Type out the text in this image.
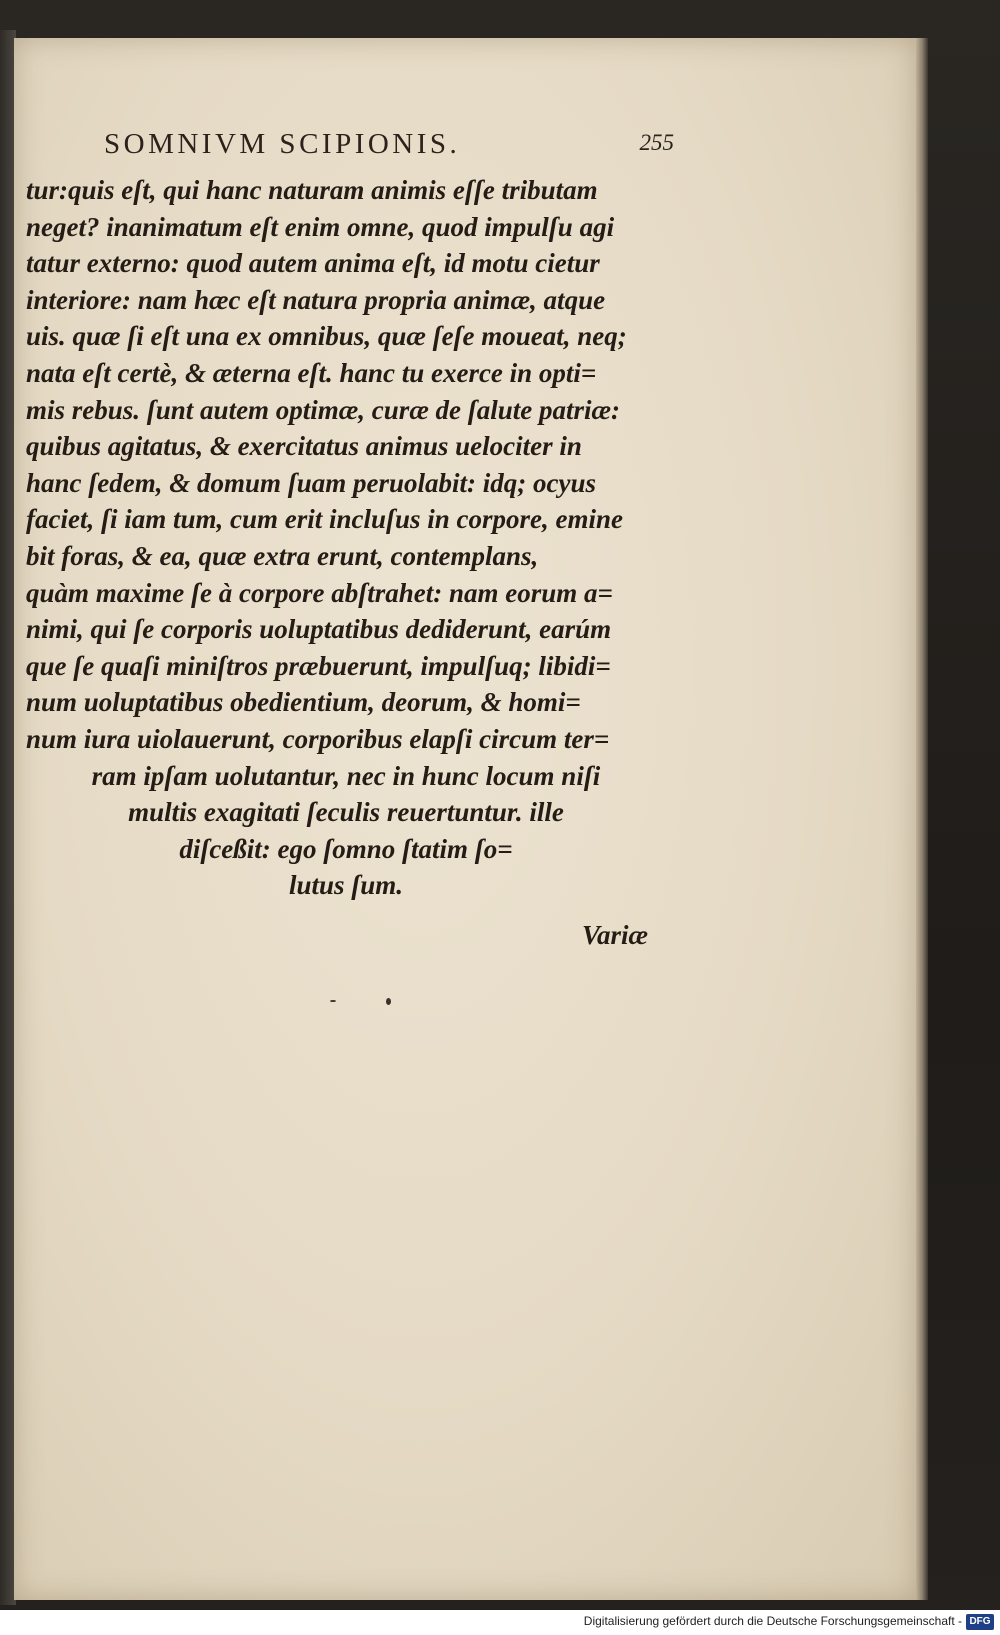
SOMNIVM SCIPIONIS.	255
tur:quis eſt, qui hanc naturam animis eſſe tributam
neget? inanimatum eſt enim omne, quod impulſu agi
tatur externo: quod autem anima eſt, id motu cietur
interiore: nam hæc eſt natura propria animæ, atque
uis. quæ ſi eſt una ex omnibus, quæ ſeſe moueat, neq;
nata eſt certè, & æterna eſt. hanc tu exerce in opti=
mis rebus. ſunt autem optimæ, curæ de ſalute patriæ:
quibus agitatus, & exercitatus animus uelociter in
hanc ſedem, & domum ſuam peruolabit: idq; ocyus
faciet, ſi iam tum, cum erit incluſus in corpore, emine
bit foras, & ea, quæ extra erunt, contemplans,
quàm maxime ſe à corpore abſtrahet: nam eorum a=
nimi, qui ſe corporis uoluptatibus dediderunt, earúm
que ſe quaſi miniſtros præbuerunt, impulſuq; libidi=
num uoluptatibus obedientium, deorum, & homi=
num iura uiolauerunt, corporibus elapſi circum ter=
ram ipſam uolutantur, nec in hunc locum niſi
multis exagitati ſeculis reuertuntur. ille
diſceßit: ego ſomno ſtatim ſo=
lutus ſum.
Variæ
Digitalisierung gefördert durch die Deutsche Forschungsgemeinschaft - DFG
